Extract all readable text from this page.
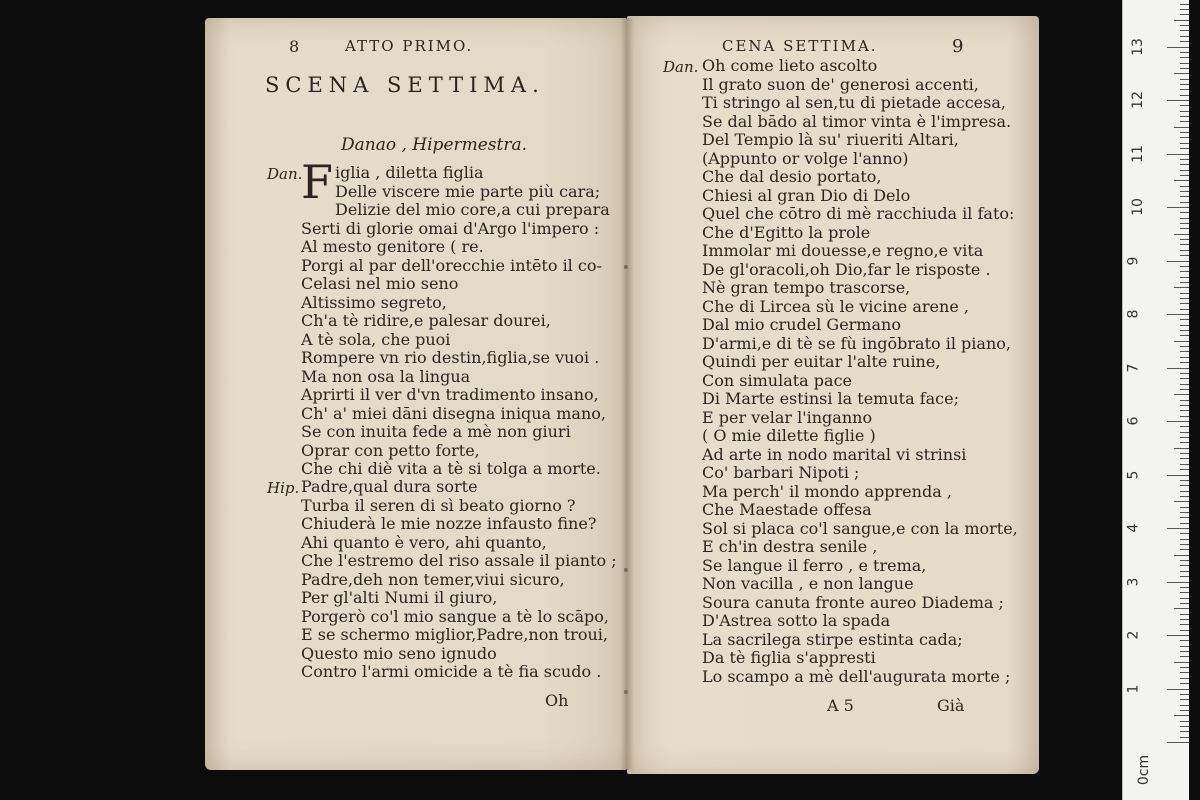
8	ATTO PRIMO.
SCENA SETTIMA.
Danao , Hipermestra.
Dan.
F iglia , diletta figlia
Delle viscere mie parte più cara;
Delizie del mio core,a cui prepara
Serti di glorie omai d'Argo l'impero :
Al mesto genitore ( re.
Porgi al par dell'orecchie intēto il co-
Celasi nel mio seno
Altissimo segreto,
Ch'a tè ridire,e palesar dourei,
A tè sola, che puoi
Rompere vn rio destin,figlia,se vuoi .
Ma non osa la lingua
Aprirti il ver d'vn tradimento insano,
Ch' a' miei dāni disegna iniqua mano,
Se con inuita fede a mè non giuri
Oprar con petto forte,
Che chi diè vita a tè si tolga a morte.
Hip. Padre,qual dura sorte
Turba il seren di sì beato giorno ?
Chiuderà le mie nozze infausto fine?
Ahi quanto è vero, ahi quanto,
Che l'estremo del riso assale il pianto ;
Padre,deh non temer,viui sicuro,
Per gl'alti Numi il giuro,
Porgerò co'l mio sangue a tè lo scāpo,
E se schermo miglior,Padre,non troui,
Questo mio seno ignudo
Contro l'armi omicide a tè fia scudo .
Oh
CENA SETTIMA.	9
Dan. Oh come lieto ascolto
Il grato suon de' generosi accenti,
Ti stringo al sen,tu di pietade accesa,
Se dal bādo al timor vinta è l'impresa.
Del Tempio là su' riueriti Altari,
(Appunto or volge l'anno)
Che dal desio portato,
Chiesi al gran Dio di Delo
Quel che cōtro di mè racchiuda il fato:
Che d'Egitto la prole
Immolar mi douesse,e regno,e vita
De gl'oracoli,oh Dio,far le risposte .
Nè gran tempo trascorse,
Che di Lircea sù le vicine arene ,
Dal mio crudel Germano
D'armi,e di tè se fù ingōbrato il piano,
Quindi per euitar l'alte ruine,
Con simulata pace
Di Marte estinsi la temuta face;
E per velar l'inganno
( O mie dilette figlie )
Ad arte in nodo marital vi strinsi
Co' barbari Nipoti ;
Ma perch' il mondo apprenda ,
Che Maestade offesa
Sol si placa co'l sangue,e con la morte,
E ch'in destra senile ,
Se langue il ferro , e trema,
Non vacilla , e non langue
Soura canuta fronte aureo Diadema ;
D'Astrea sotto la spada
La sacrilega stirpe estinta cada;
Da tè figlia s'appresti
Lo scampo a mè dell'augurata morte ;
A 5	Già
0cm
1
2
3
4
5
6
7
8
9
10
11
12
13
